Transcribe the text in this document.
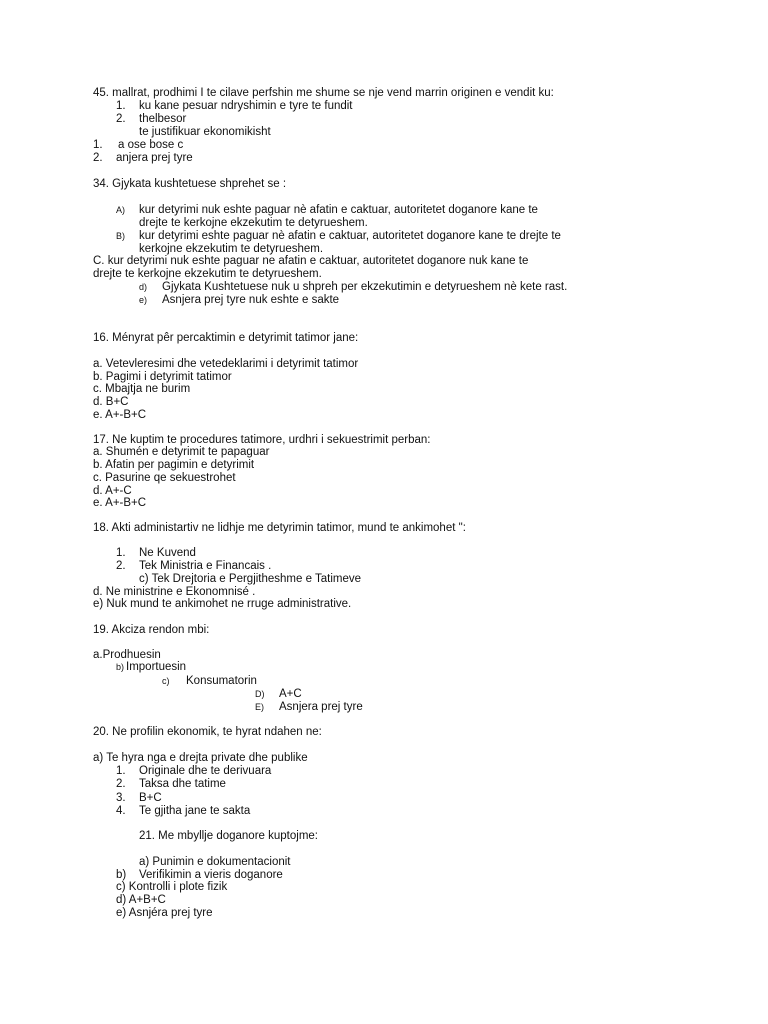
45. mallrat, prodhimi I te cilave perfshin me shume se nje vend marrin originen e vendit ku:
1. ku kane pesuar ndryshimin e tyre te fundit
2. thelbesor
te justifikuar ekonomikisht
1. a ose bose c
2. anjera prej tyre
34. Gjykata kushtetuese shprehet se :
A) kur detyrimi nuk eshte paguar nè afatin e caktuar, autoritetet doganore kane te
drejte te kerkojne ekzekutim te detyrueshem.
B) kur detyrimi eshte paguar nè afatin e caktuar, autoritetet doganore kane te drejte te
kerkojne ekzekutim te detyrueshem.
C. kur detyrimi nuk eshte paguar ne afatin e caktuar, autoritetet doganore nuk kane te
drejte te kerkojne ekzekutim te detyrueshem.
d) Gjykata Kushtetuese nuk u shpreh per ekzekutimin e detyrueshem nè kete rast.
e) Asnjera prej tyre nuk eshte e sakte
16. Ményrat pêr percaktimin e detyrimit tatimor jane:
a. Vetevleresimi dhe vetedeklarimi i detyrimit tatimor
b. Pagimi i detyrimit tatimor
c. Mbajtja ne burim
d. B+C
e. A+-B+C
17. Ne kuptim te procedures tatimore, urdhri i sekuestrimit perban:
a. Shumén e detyrimit te papaguar
b. Afatin per pagimin e detyrimit
c. Pasurine qe sekuestrohet
d. A+-C
e. A+-B+C
18. Akti administartiv ne lidhje me detyrimin tatimor, mund te ankimohet ":
1. Ne Kuvend
2. Tek Ministria e Financais .
c) Tek Drejtoria e Pergjitheshme e Tatimeve
d. Ne ministrine e Ekonomnisé .
e) Nuk mund te ankimohet ne rruge administrative.
19. Akciza rendon mbi:
a.Prodhuesin
b) Importuesin
c) Konsumatorin
D) A+C
E) Asnjera prej tyre
20. Ne profilin ekonomik, te hyrat ndahen ne:
a) Te hyra nga e drejta private dhe publike
1. Originale dhe te derivuara
2. Taksa dhe tatime
3. B+C
4. Te gjitha jane te sakta
21. Me mbyllje doganore kuptojme:
a) Punimin e dokumentacionit
b) Verifikimin a vieris doganore
c) Kontrolli i plote fizik
d) A+B+C
e) Asnjéra prej tyre
